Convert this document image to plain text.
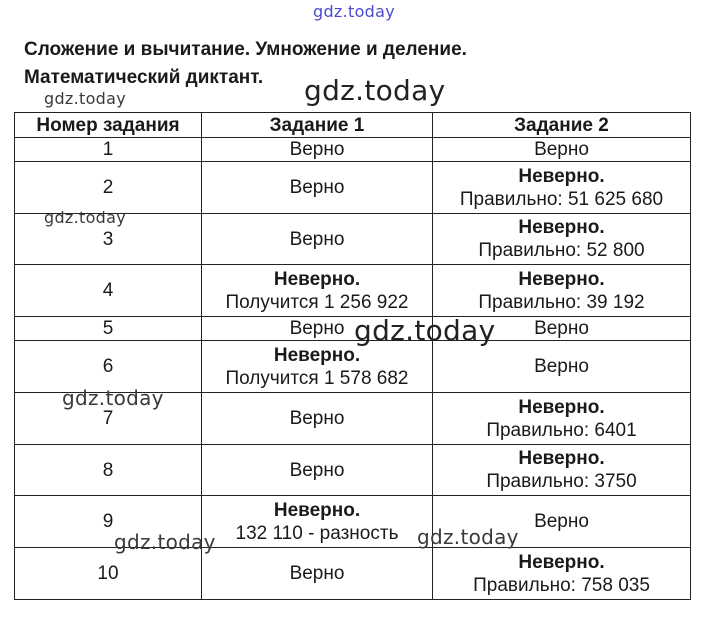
gdz.today
Сложение и вычитание. Умножение и деление.
Математический диктант.
Номер задания	Задание 1	Задание 2
1	Верно	Верно

2	Верно	Неверно.
Правильно: 51 625 680

3	Верно	Неверно.
Правильно: 52 800

4	Неверно.
Получится 1 256 922	Неверно.
Правильно: 39 192

5	Верно	Верно

6	Неверно.
Получится 1 578 682	Верно

7	Верно	Неверно.
Правильно: 6401

8	Верно	Неверно.
Правильно: 3750

9	Неверно.
132 110 - разность	Верно

10	Верно	Неверно.
Правильно: 758 035
gdz.today	gdz.today
gdz.today
gdz.today
gdz.today
gdz.today	gdz.today
